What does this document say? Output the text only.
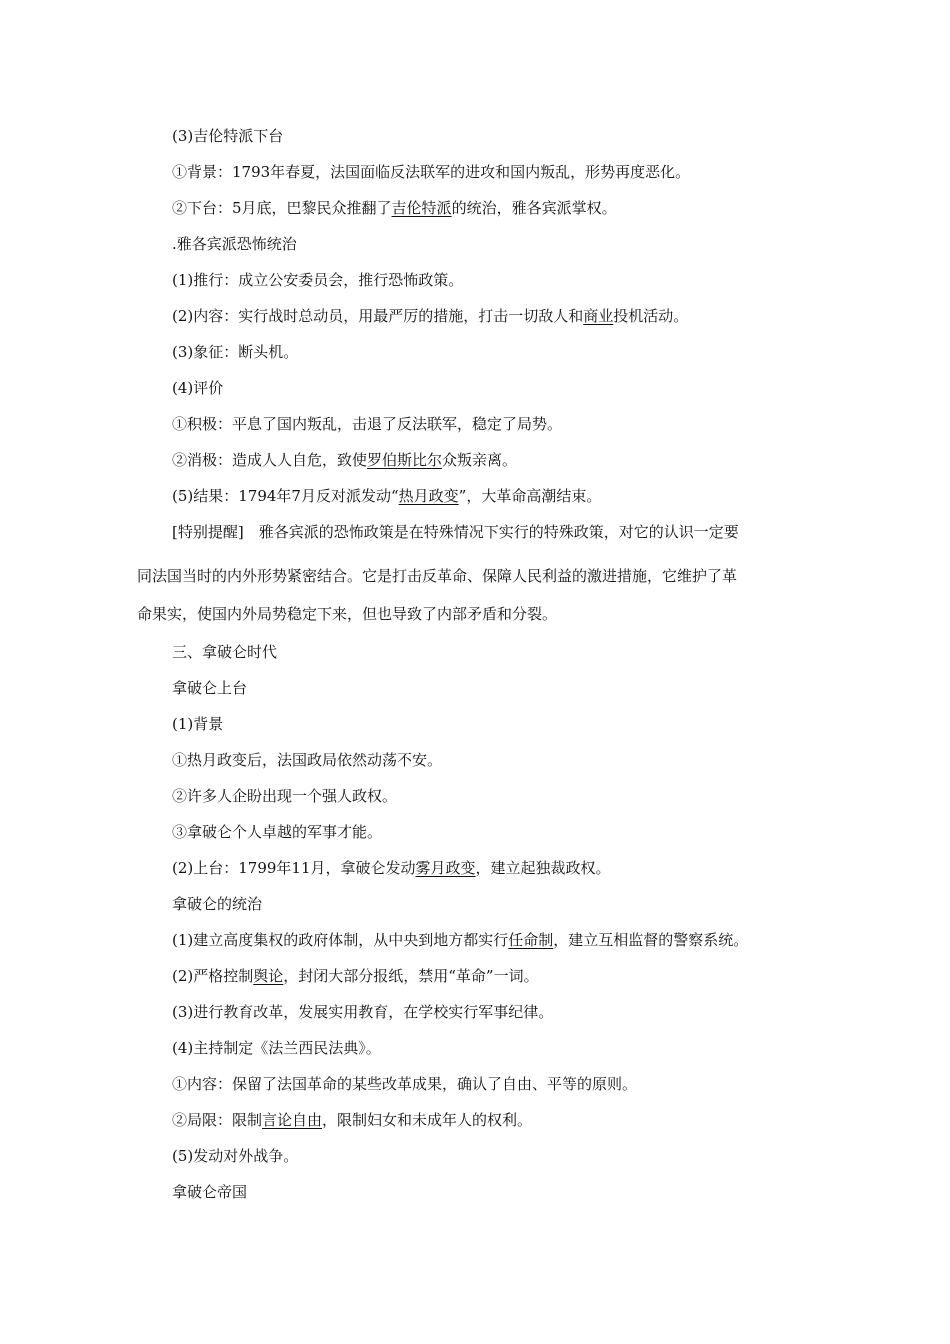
(3)吉伦特派下台
①背景：1793年春夏，法国面临反法联军的进攻和国内叛乱，形势再度恶化。
②下台：5月底，巴黎民众推翻了吉伦特派的统治，雅各宾派掌权。
.雅各宾派恐怖统治
(1)推行：成立公安委员会，推行恐怖政策。
(2)内容：实行战时总动员，用最严厉的措施，打击一切敌人和商业投机活动。
(3)象征：断头机。
(4)评价
①积极：平息了国内叛乱，击退了反法联军，稳定了局势。
②消极：造成人人自危，致使罗伯斯比尔众叛亲离。
(5)结果：1794年7月反对派发动“热月政变”，大革命高潮结束。
[特别提醒]　雅各宾派的恐怖政策是在特殊情况下实行的特殊政策，对它的认识一定要
同法国当时的内外形势紧密结合。它是打击反革命、保障人民利益的激进措施，它维护了革
命果实，使国内外局势稳定下来，但也导致了内部矛盾和分裂。
三、拿破仑时代
拿破仑上台
(1)背景
①热月政变后，法国政局依然动荡不安。
②许多人企盼出现一个强人政权。
③拿破仑个人卓越的军事才能。
(2)上台：1799年11月，拿破仑发动雾月政变，建立起独裁政权。
拿破仑的统治
(1)建立高度集权的政府体制，从中央到地方都实行任命制，建立互相监督的警察系统。
(2)严格控制舆论，封闭大部分报纸，禁用“革命”一词。
(3)进行教育改革，发展实用教育，在学校实行军事纪律。
(4)主持制定《法兰西民法典》。
①内容：保留了法国革命的某些改革成果，确认了自由、平等的原则。
②局限：限制言论自由，限制妇女和未成年人的权利。
(5)发动对外战争。
拿破仑帝国
